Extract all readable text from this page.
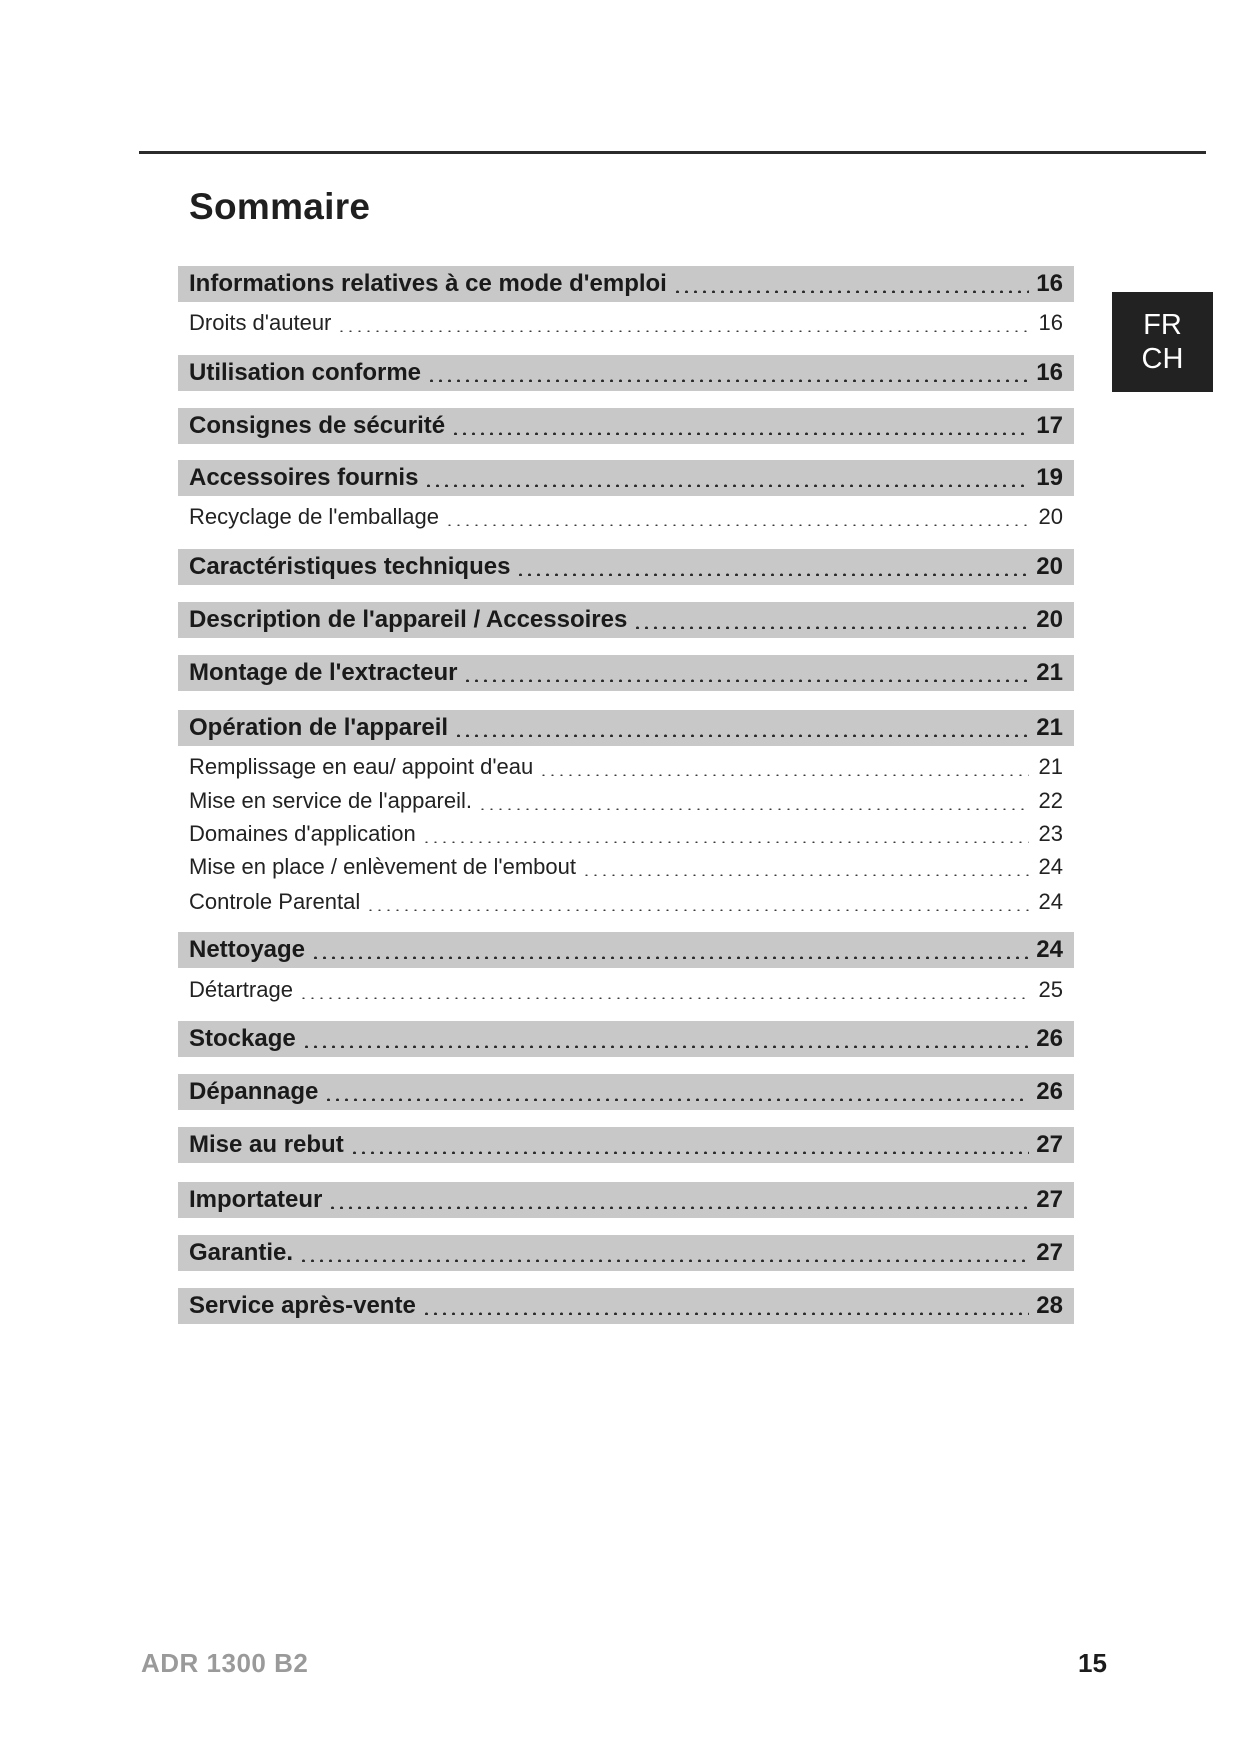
Sommaire
FR
CH
Informations relatives à ce mode d'emploi	16
Droits d'auteur	16
Utilisation conforme	16
Consignes de sécurité	17
Accessoires fournis	19
Recyclage de l'emballage	20
Caractéristiques techniques	20
Description de l'appareil / Accessoires	20
Montage de l'extracteur	21
Opération de l'appareil	21
Remplissage en eau/ appoint d'eau	21
Mise en service de l'appareil.	22
Domaines d'application	23
Mise en place / enlèvement de l'embout	24
Controle Parental	24
Nettoyage	24
Détartrage	25
Stockage	26
Dépannage	26
Mise au rebut	27
Importateur	27
Garantie.	27
Service après-vente	28
ADR 1300 B2	15
